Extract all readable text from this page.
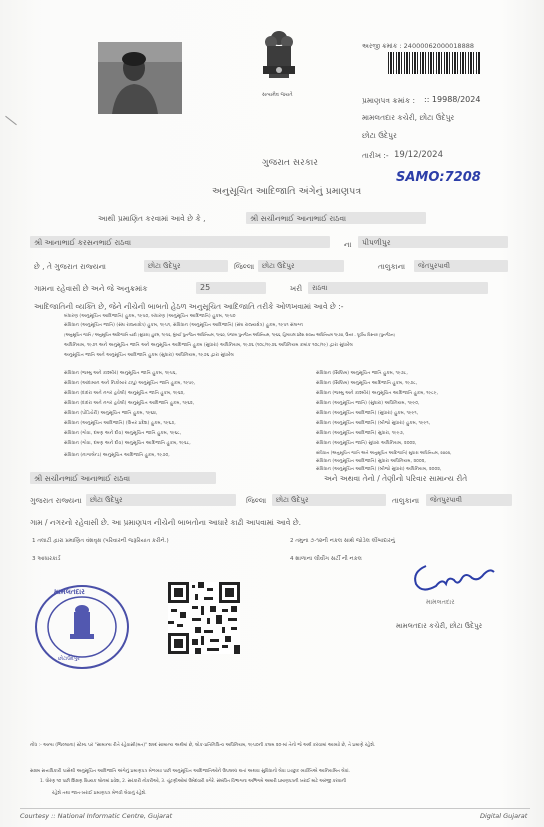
સત્યમેવ જયતે
અરજી ક્રમાંક : 24000062000018888
પ્રમાણપત્ર ક્રમાંક : :: 19988/2024
મામલતદાર કચેરી, છોટા ઉદેપુર
છોટા ઉદેપુર
તારીખ :- 19/12/2024
SAMO:7208
ગુજરાત સરકાર
અનુસૂચિત આદિજાતિ અંગેનું પ્રમાણપત્ર
આથી પ્રમાણિત કરવામાં આવે છે કે ,	શ્રી સચીનભાઈ આનાભાઈ રાઠવા
શ્રી આનાભાઈ કરસનભાઈ રાઠવા	ના પીપળીપુર
છે , તે ગુજરાત રાજ્યના	છોટા ઉદેપુર	જિલ્લા છોટા ઉદેપુર	તાલુકાના જેતપુરપાવી
ગામના રહેવાસી છે અને જે અનુક્રમાંક	25	ખરી રાઠવા
આદિજાતિની વ્યક્તિ છે, જેને નીચેની બાબતો હેઠળ અનુસૂચિત આદિજાતિ તરીકે ઓળખવામાં આવે છે :-
બંધારણ (અનુસૂચિત આદિજાતિ) હુકમ, ૧૯૫૦, બંધારણ (અનુસૂચિત આદિજાતિ) હુકમ, ૧૯૫૦
સંવિધાન (અનુસૂચિત જાતિ) (સંઘ રાજ્યક્ષેત્ર) હુકમ, ૧૯૫૧, સંવિધાન (અનુસૂચિત આદિજાતિ) (સંઘ રાજ્યક્ષેત્ર) હુકમ, ૧૯૫૧ સંલગ્ન
(અનુસૂચિત જાતિ / અનુસૂચિત આદિજાતિ યાદી (સુધારા) હુકમ, ૧૯૫૬, મુંબઈ પુનર્ગઠન અધિનિયમ, ૧૯૬૦, પંજાબ પુનર્ગઠન અધિનિયમ, ૧૯૬૬, હિમાચલ પ્રદેશ રાજ્ય અધિનિયમ ૧૯૭૦, ઉત્તર - પૂર્વીય વિસ્તાર (પુનર્ગઠન)
અધિનિયમ, ૧૯૭૧ અને અનુસૂચિત જાતિ અને અનુસૂચિત આદિજાતિ હુકમ (સુધારા) અધિનિયમ, ૧૯૭૬ (૧૦૮/૧૯૭૬ અધિનિયમ ક્રમાંક ૧૦૮/૧૯) દ્વારા સુધારેલ
અનુસૂચિત જાતિ અને અનુસૂચિત આદિજાતિ હુકમ (સુધારા) અધિનિયમ, ૧૯૭૬ દ્વારા સુધારેલ
સંવિધાન (જમ્મુ અને કાશ્મીર) અનુસૂચિત જાતિ હુકમ, ૧૯૫૬,
સંવિધાન (આંદામાન અને નિકોબાર ટાપુ) અનુસૂચિત જાતિ હુકમ, ૧૯૫૯,
સંવિધાન (દાદરા અને નગર હવેલી) અનુસૂચિત જાતિ હુકમ, ૧૯૬૨,
સંવિધાન (દાદરા અને નગર હવેલી) અનુસૂચિત આદિજાતિ હુકમ, ૧૯૬૨,
સંવિધાન (પોંડિચેરી) અનુસૂચિત જાતિ હુકમ, ૧૯૬૪,
સંવિધાન (અનુસૂચિત આદિજાતિ) (ઉત્તર પ્રદેશ) હુકમ, ૧૯૬૭,
સંવિધાન (ગોવા, દમણ અને દીવ) અનુસૂચિત જાતિ હુકમ, ૧૯૬૮,
સંવિધાન (ગોવા, દમણ અને દીવ) અનુસૂચિત આદિજાતિ હુકમ, ૧૯૬૮,
સંવિધાન (નાગાલેન્ડ) અનુસૂચિત આદિજાતિ હુકમ, ૧૯૭૦,
સંવિધાન (સિક્કિમ) અનુસૂચિત જાતિ હુકમ, ૧૯૭૮,
સંવિધાન (સિક્કિમ) અનુસૂચિત આદિજાતિ હુકમ, ૧૯૭૮,
સંવિધાન (જમ્મુ અને કાશ્મીર) અનુસૂચિત આદિજાતિ હુકમ, ૧૯૮૯,
સંવિધાન (અનુસૂચિત જાતિ) (સુધારા) અધિનિયમ, ૧૯૯૦,
સંવિધાન (અનુસૂચિત આદિજાતિ) (સુધારા) હુકમ, ૧૯૯૧,
સંવિધાન (અનુસૂચિત આદિજાતિ) (બીજો સુધારા) હુકમ, ૧૯૯૧,
સંવિધાન (અનુસૂચિત આદિજાતિ) સુધારા, ૧૯૯૭,
સંવિધાન (અનુસૂચિત જાતિ) સુધારા અધિનિયમ, ૨૦૦૨,
સંવિધાન (અનુસૂચિત જાતિ અને અનુસૂચિત આદિજાતિ) સુધારા અધિનિયમ, ૨૦૦૨,
સંવિધાન (અનુસૂચિત આદિજાતિ) સુધારા અધિનિયમ, ૨૦૦૨,
સંવિધાન (અનુસૂચિત આદિજાતિ) (બીજો સુધારા) અધિનિયમ, ૨૦૦૨,
શ્રી સચીનભાઈ આનાભાઈ રાઠવા	અને અથવા તેનો / તેણીનો પરિવાર સામાન્ય રીતે
ગુજરાત રાજ્યના છોટા ઉદેપુર	જિલ્લા છોટા ઉદેપુર	તાલુકાના જેતપુરપાવી
ગામ / નગરનો રહેવાસી છે. આ પ્રમાણપત્ર નીચેની બાબતોના આધારે કાઢી આપવામાં આવે છે.
1 તલાટી દ્વારા પ્રમાણિત વંશવૃક્ષ (પરિવારની જરૂરિયાત કરીને.)	2 તમુના ૭-૧૨ની નકલ સાથે જોડેલ લીંબાદારનું
3 આધારકાર્ડ	4 શાળાના લીવીંગ સર્ટી ની નકલ
મામલતદાર
છોટાઉદેપુર
મામલતદાર
મામલતદાર કચેરી, છોટા ઉદેપુર
નોંધ :- અન્ય (જિલ્લાના) સ્ટેમ્પ પર "સામાન્ય રીતે રહેવાસી(મત)" શબ્દ સામાન્ય અર્થમાં છે, લોક-પ્રતિનિધિત્વ અધિનિયમ, ૧૯૫૦ની કલમ ૨૦-માં તેનો જે અર્થ કરવામાં આવ્યો છે, તે પ્રમાણે રહેશે.
સક્ષમ સત્તાધિકારી પાસેથી અનુસૂચિત આદિજાતિ અંગેનું પ્રમાણપત્ર મેળવ્યા પછી અનુસૂચિત આદિજાતિઓને ઉપલબ્ધ થતાં અથવા સુવિધાનો લેવા ઇચ્છુક વ્યક્તિએ આનિયમિત લેવાં.
1. ધોરણ ૧૦ પછી શિક્ષણ વિષયક લોનમાં પ્રવેશ, 2. સરકારી નોકરીઓ, 3. ચૂંટણીઓમાં ઉમેદવારી વગેરે. સંબંધિત વિભાગના અભિગમે અમારી પ્રમાણપત્રની ખરાઈ માટે અરજી કરવાની
રહેશે તથા જાત-ખરાઈ પ્રમાણપત્ર મેળવી લેવાનું રહેશે.
Courtesy :: National Informatic Centre, Gujarat	Digital Gujarat
